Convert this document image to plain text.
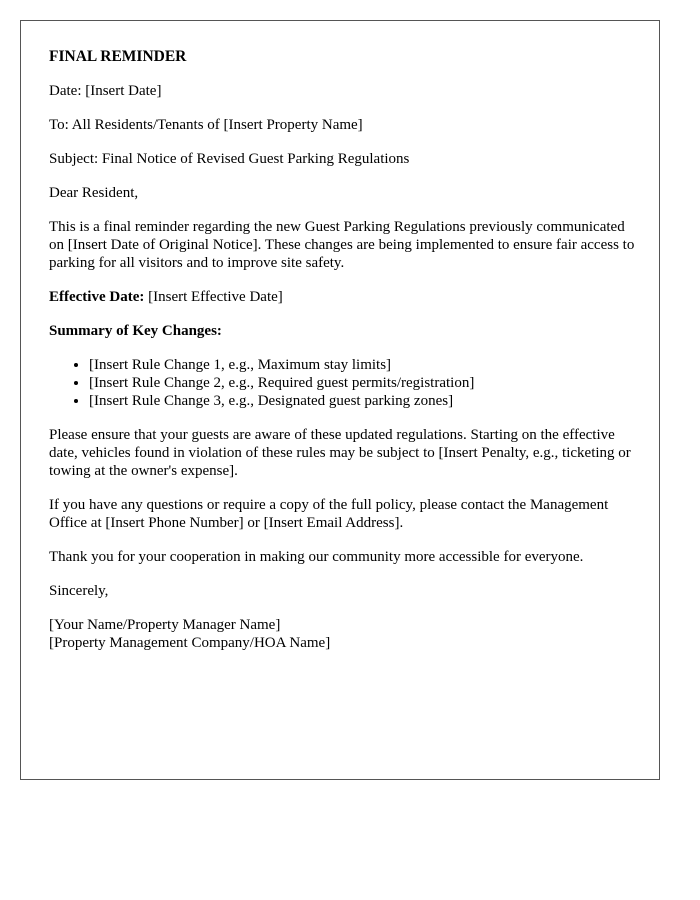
FINAL REMINDER

Date: [Insert Date]

To: All Residents/Tenants of [Insert Property Name]

Subject: Final Notice of Revised Guest Parking Regulations

Dear Resident,

This is a final reminder regarding the new Guest Parking Regulations previously communicated on [Insert Date of Original Notice]. These changes are being implemented to ensure fair access to parking for all visitors and to improve site safety.

Effective Date: [Insert Effective Date]

Summary of Key Changes:

• [Insert Rule Change 1, e.g., Maximum stay limits]
• [Insert Rule Change 2, e.g., Required guest permits/registration]
• [Insert Rule Change 3, e.g., Designated guest parking zones]

Please ensure that your guests are aware of these updated regulations. Starting on the effective date, vehicles found in violation of these rules may be subject to [Insert Penalty, e.g., ticketing or towing at the owner's expense].

If you have any questions or require a copy of the full policy, please contact the Management Office at [Insert Phone Number] or [Insert Email Address].

Thank you for your cooperation in making our community more accessible for everyone.

Sincerely,

[Your Name/Property Manager Name]
[Property Management Company/HOA Name]
